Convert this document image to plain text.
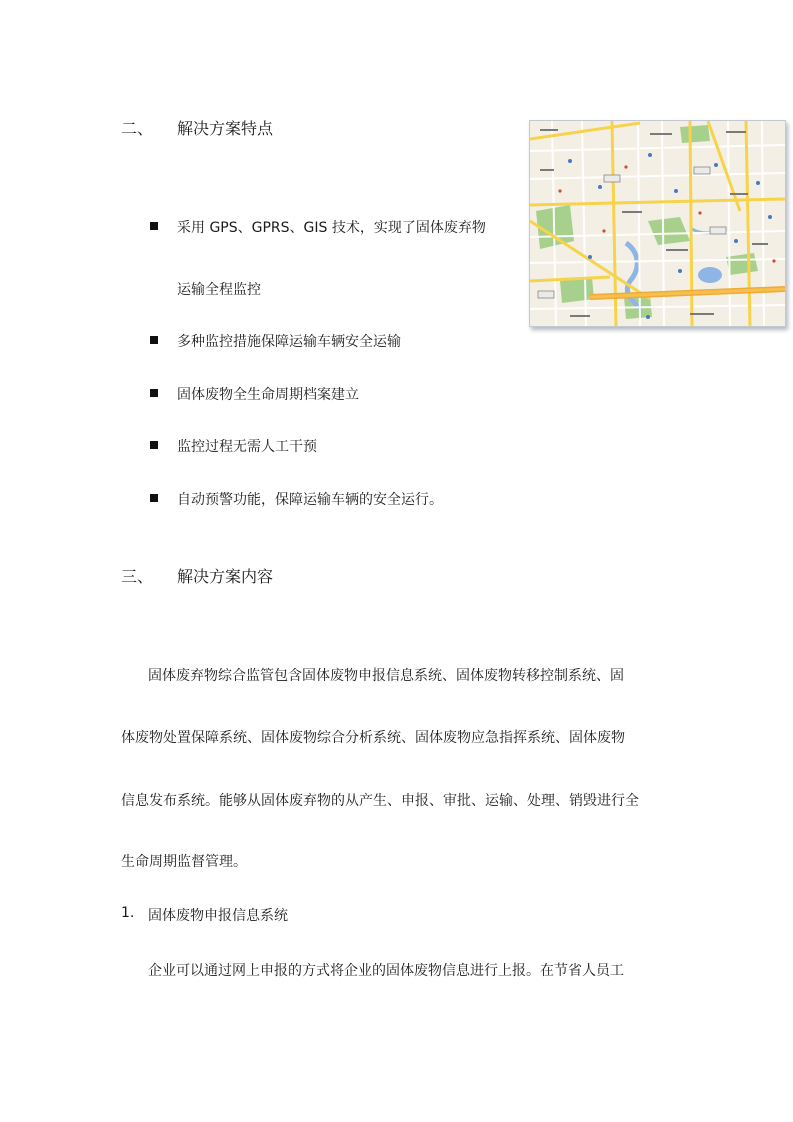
二、 解决方案特点
采用 GPS、GPRS、GIS 技术，实现了固体废弃物
运输全程监控
多种监控措施保障运输车辆安全运输
固体废物全生命周期档案建立
监控过程无需人工干预
自动预警功能，保障运输车辆的安全运行。
三、 解决方案内容
固体废弃物综合监管包含固体废物申报信息系统、固体废物转移控制系统、固
体废物处置保障系统、固体废物综合分析系统、固体废物应急指挥系统、固体废物
信息发布系统。能够从固体废弃物的从产生、申报、审批、运输、处理、销毁进行全
生命周期监督管理。
1. 固体废物申报信息系统
企业可以通过网上申报的方式将企业的固体废物信息进行上报。在节省人员工
